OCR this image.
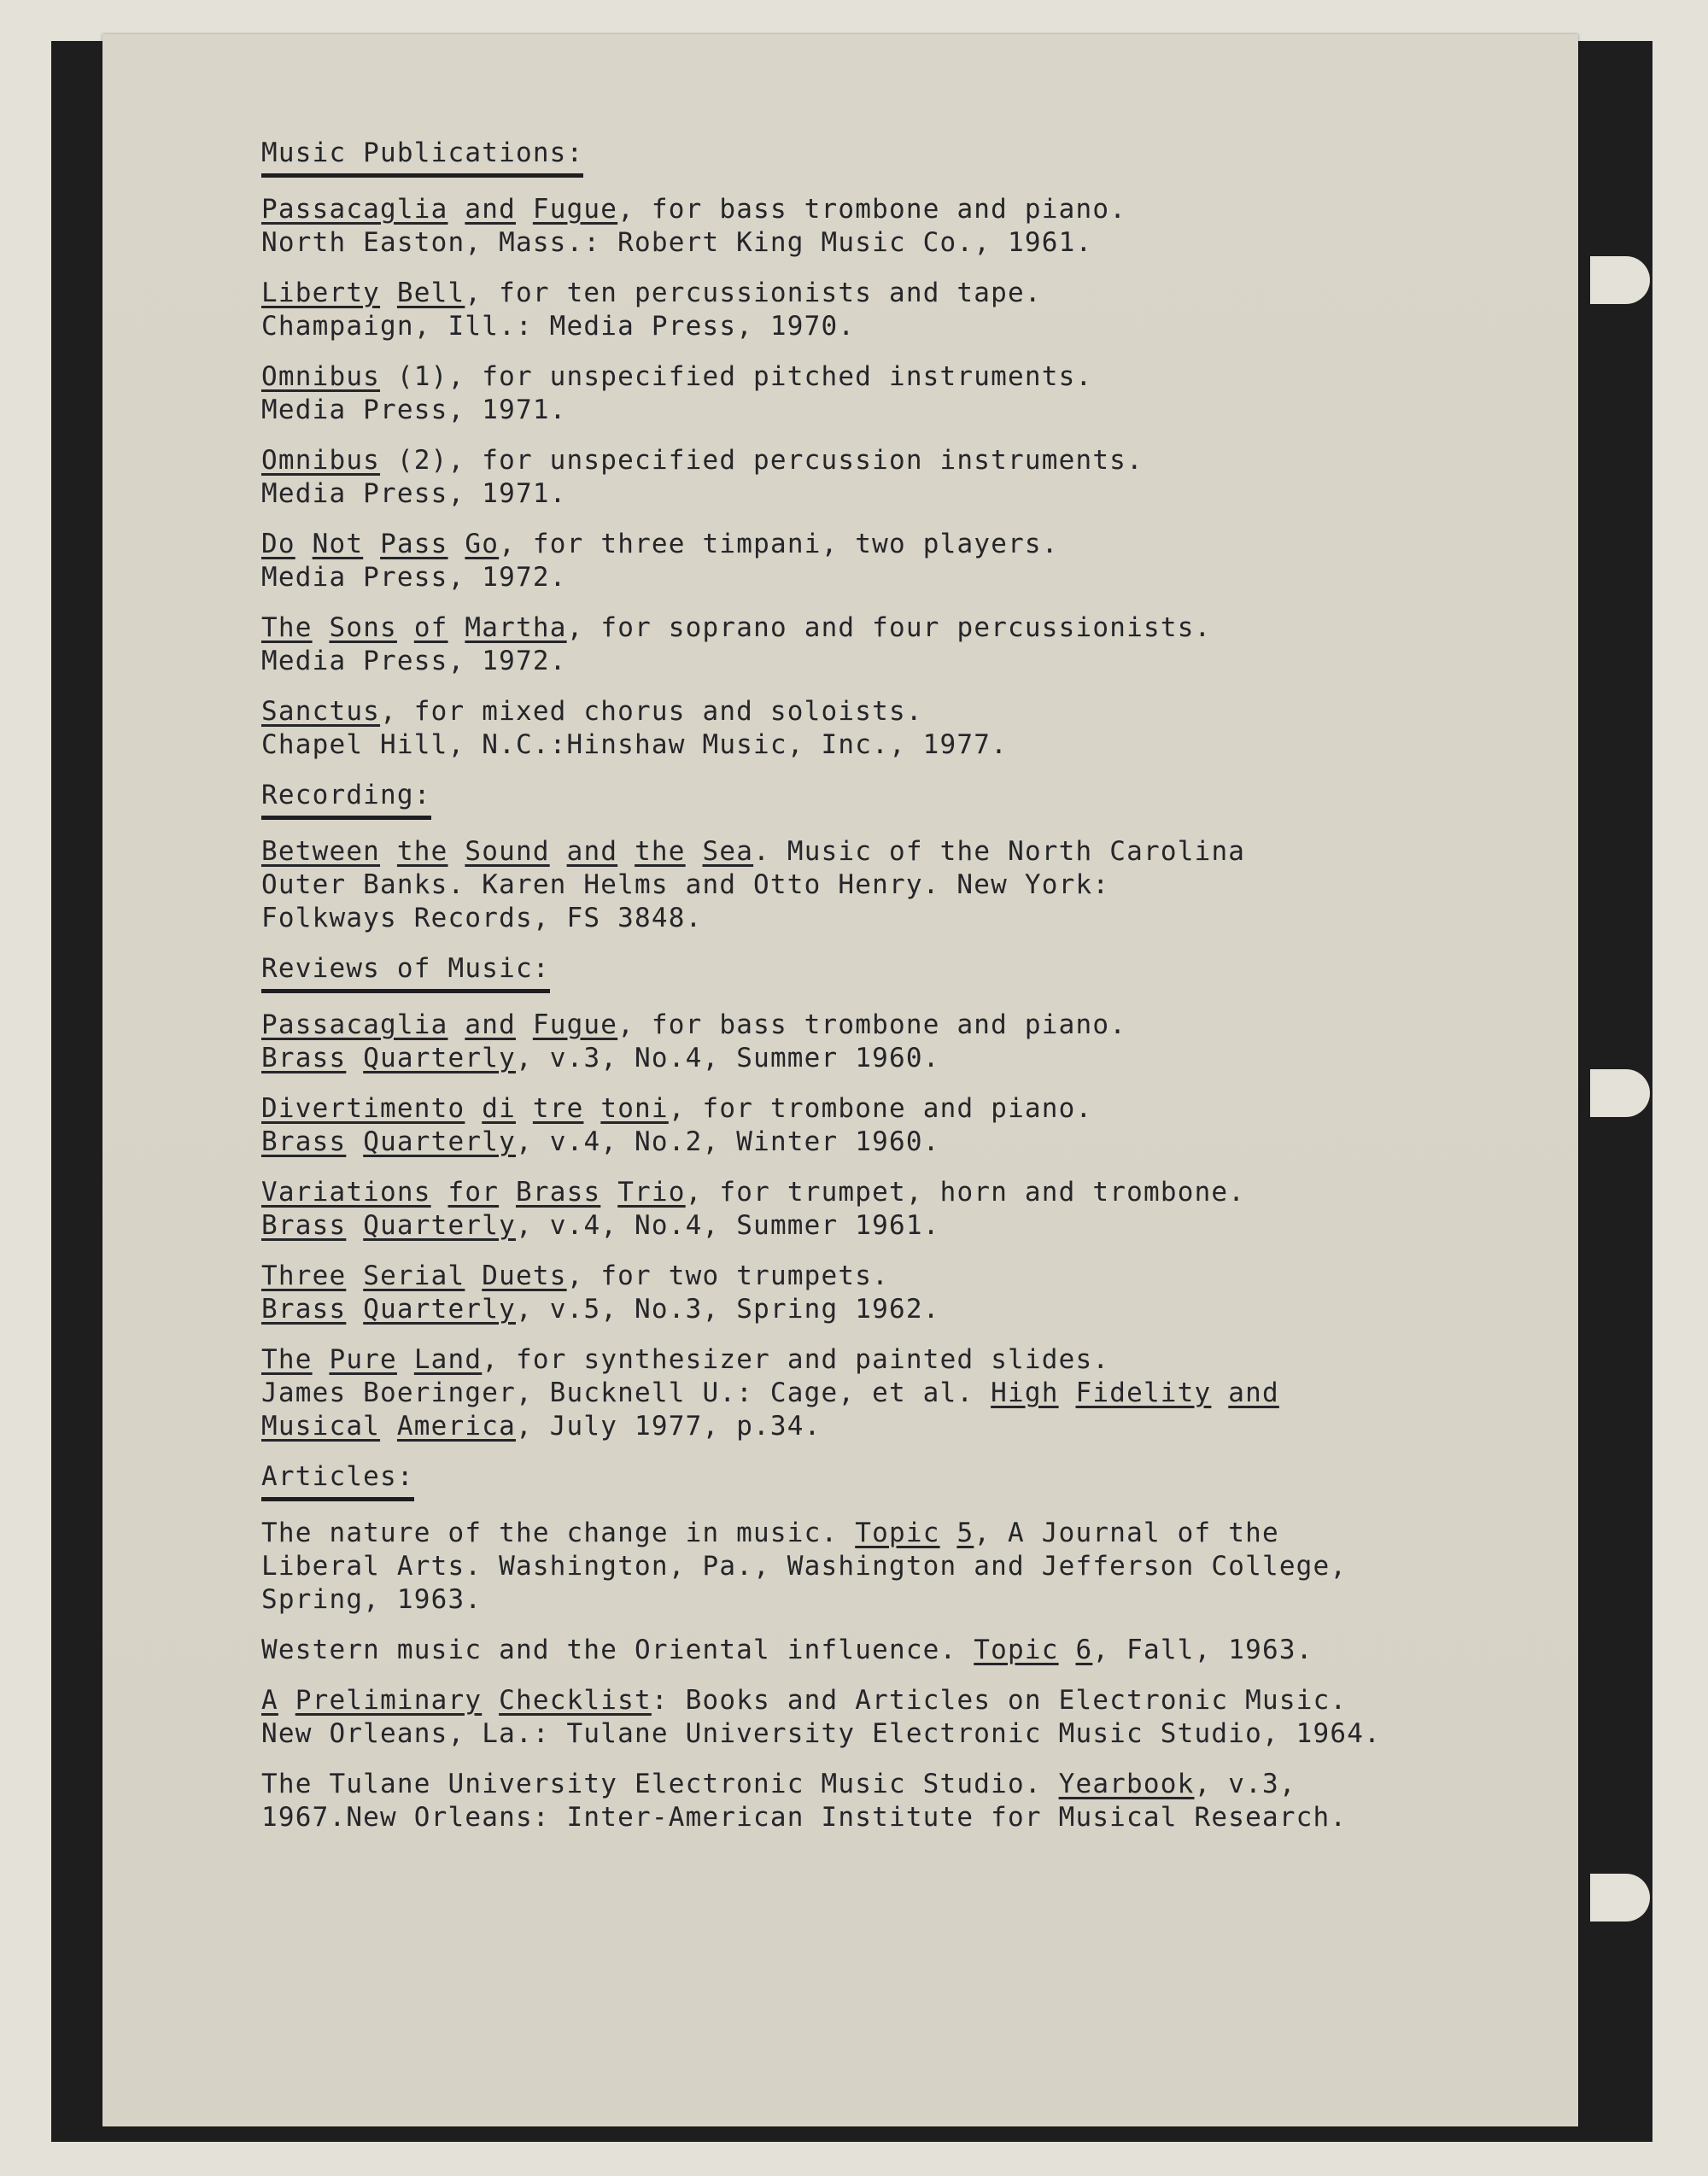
Music Publications:
Passacaglia and Fugue, for bass trombone and piano.
North Easton, Mass.: Robert King Music Co., 1961.
Liberty Bell, for ten percussionists and tape.
Champaign, Ill.: Media Press, 1970.
Omnibus (1), for unspecified pitched instruments.
Media Press, 1971.
Omnibus (2), for unspecified percussion instruments.
Media Press, 1971.
Do Not Pass Go, for three timpani, two players.
Media Press, 1972.
The Sons of Martha, for soprano and four percussionists.
Media Press, 1972.
Sanctus, for mixed chorus and soloists.
Chapel Hill, N.C.:Hinshaw Music, Inc., 1977.
Recording:
Between the Sound and the Sea. Music of the North Carolina
Outer Banks. Karen Helms and Otto Henry. New York:
Folkways Records, FS 3848.
Reviews of Music:
Passacaglia and Fugue, for bass trombone and piano.
Brass Quarterly, v.3, No.4, Summer 1960.
Divertimento di tre toni, for trombone and piano.
Brass Quarterly, v.4, No.2, Winter 1960.
Variations for Brass Trio, for trumpet, horn and trombone.
Brass Quarterly, v.4, No.4, Summer 1961.
Three Serial Duets, for two trumpets.
Brass Quarterly, v.5, No.3, Spring 1962.
The Pure Land, for synthesizer and painted slides.
James Boeringer, Bucknell U.: Cage, et al. High Fidelity and
Musical America, July 1977, p.34.
Articles:
The nature of the change in music. Topic 5, A Journal of the
Liberal Arts. Washington, Pa., Washington and Jefferson College,
Spring, 1963.
Western music and the Oriental influence. Topic 6, Fall, 1963.
A Preliminary Checklist: Books and Articles on Electronic Music.
New Orleans, La.: Tulane University Electronic Music Studio, 1964.
The Tulane University Electronic Music Studio. Yearbook, v.3,
1967.New Orleans: Inter-American Institute for Musical Research.
